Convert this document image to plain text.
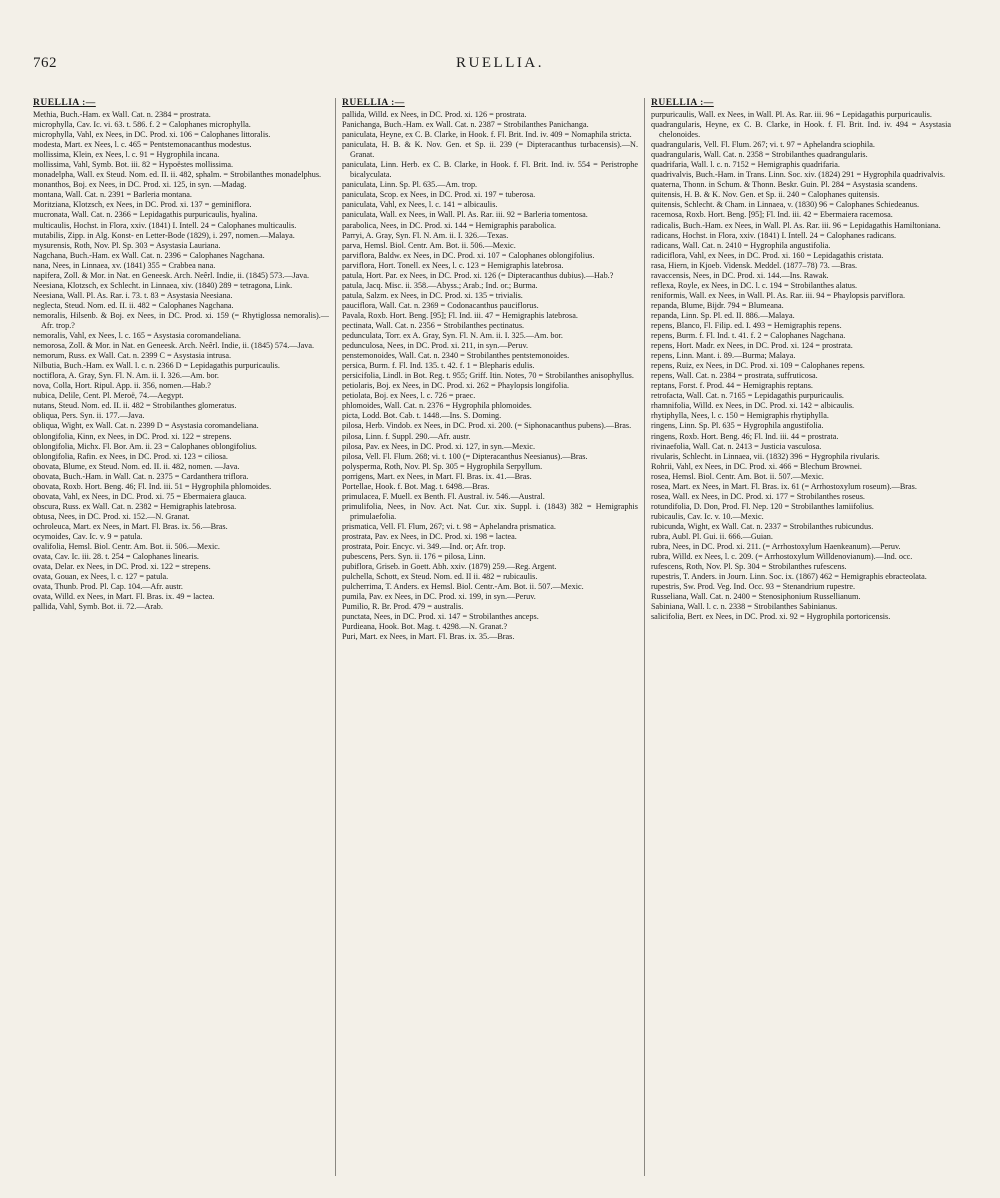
762	RUELLIA.
RUELLIA :—
Methia, Buch.-Ham. ex Wall. Cat. n. 2384 = prostrata.
microphylla, Cav. Ic. vi. 63. t. 586. f. 2 = Calophanes microphylla.
microphylla, Vahl, ex Nees, in DC. Prod. xi. 106 = Calophanes littoralis.
modesta, Mart. ex Nees, l. c. 465 = Pentstemonacanthus modestus.
mollissima, Klein, ex Nees, l. c. 91 = Hygrophila incana.
mollissima, Vahl, Symb. Bot. iii. 82 = Hypoëstes mollissima.
monadelpha, Wall. ex Steud. Nom. ed. II. ii. 482, sphalm. = Strobilanthes monadelphus.
monanthos, Boj. ex Nees, in DC. Prod. xi. 125, in syn. —Madag.
montana, Wall. Cat. n. 2391 = Barleria montana.
Moritziana, Klotzsch, ex Nees, in DC. Prod. xi. 137 = geminiflora.
mucronata, Wall. Cat. n. 2366 = Lepidagathis purpuricaulis, hyalina.
multicaulis, Hochst. in Flora, xxiv. (1841) I. Intell. 24 = Calophanes multicaulis.
mutabilis, Zipp. in Alg. Konst- en Letter-Bode (1829), i. 297, nomen.—Malaya.
mysurensis, Roth, Nov. Pl. Sp. 303 = Asystasia Lauriana.
Nagchana, Buch.-Ham. ex Wall. Cat. n. 2396 = Calophanes Nagchana.
nana, Nees, in Linnaea, xv. (1841) 355 = Crabbea nana.
napifera, Zoll. & Mor. in Nat. en Geneesk. Arch. Neêrl. Indie, ii. (1845) 573.—Java.
Neesiana, Klotzsch, ex Schlecht. in Linnaea, xiv. (1840) 289 = tetragona, Link.
Neesiana, Wall. Pl. As. Rar. i. 73. t. 83 = Asystasia Neesiana.
neglecta, Steud. Nom. ed. II. ii. 482 = Calophanes Nagchana.
nemoralis, Hilsenb. & Boj. ex Nees, in DC. Prod. xi. 159 (= Rhytiglossa nemoralis).—Afr. trop.?
nemoralis, Vahl, ex Nees, l. c. 165 = Asystasia coromandeliana.
nemorosa, Zoll. & Mor. in Nat. en Geneesk. Arch. Neêrl. Indie, ii. (1845) 574.—Java.
nemorum, Russ. ex Wall. Cat. n. 2399 C = Asystasia intrusa.
Nilbutia, Buch.-Ham. ex Wall. l. c. n. 2366 D = Lepidagathis purpuricaulis.
noctiflora, A. Gray, Syn. Fl. N. Am. ii. I. 326.—Am. bor.
nova, Colla, Hort. Ripul. App. ii. 356, nomen.—Hab.?
nubica, Delile, Cent. Pl. Meroë, 74.—Aegypt.
nutans, Steud. Nom. ed. II. ii. 482 = Strobilanthes glomeratus.
obliqua, Pers. Syn. ii. 177.—Java.
obliqua, Wight, ex Wall. Cat. n. 2399 D = Asystasia coromandeliana.
oblongifolia, Kinn, ex Nees, in DC. Prod. xi. 122 = strepens.
oblongifolia, Michx. Fl. Bor. Am. ii. 23 = Calophanes oblongifolius.
oblongifolia, Rafin. ex Nees, in DC. Prod. xi. 123 = ciliosa.
obovata, Blume, ex Steud. Nom. ed. II. ii. 482, nomen. —Java.
obovata, Buch.-Ham. in Wall. Cat. n. 2375 = Cardanthera triflora.
obovata, Roxb. Hort. Beng. 46; Fl. Ind. iii. 51 = Hygrophila phlomoides.
obovata, Vahl, ex Nees, in DC. Prod. xi. 75 = Ebermaiera glauca.
obscura, Russ. ex Wall. Cat. n. 2382 = Hemigraphis latebrosa.
obtusa, Nees, in DC. Prod. xi. 152.—N. Granat.
ochroleuca, Mart. ex Nees, in Mart. Fl. Bras. ix. 56.—Bras.
ocymoides, Cav. Ic. v. 9 = patula.
ovalifolia, Hemsl. Biol. Centr. Am. Bot. ii. 506.—Mexic.
ovata, Cav. Ic. iii. 28. t. 254 = Calophanes linearis.
ovata, Delar. ex Nees, in DC. Prod. xi. 122 = strepens.
ovata, Gouan, ex Nees, l. c. 127 = patula.
ovata, Thunb. Prod. Pl. Cap. 104.—Afr. austr.
ovata, Willd. ex Nees, in Mart. Fl. Bras. ix. 49 = lactea.
pallida, Vahl, Symb. Bot. ii. 72.—Arab.
RUELLIA :—
pallida, Willd. ex Nees, in DC. Prod. xi. 126 = prostrata.
Panichanga, Buch.-Ham. ex Wall. Cat. n. 2387 = Strobilanthes Panichanga.
paniculata, Heyne, ex C. B. Clarke, in Hook. f. Fl. Brit. Ind. iv. 409 = Nomaphila stricta.
paniculata, H. B. & K. Nov. Gen. et Sp. ii. 239 (= Dipteracanthus turbacensis).—N. Granat.
paniculata, Linn. Herb. ex C. B. Clarke, in Hook. f. Fl. Brit. Ind. iv. 554 = Peristrophe bicalyculata.
paniculata, Linn. Sp. Pl. 635.—Am. trop.
paniculata, Scop. ex Nees, in DC. Prod. xi. 197 = tuberosa.
paniculata, Vahl, ex Nees, l. c. 141 = albicaulis.
paniculata, Wall. ex Nees, in Wall. Pl. As. Rar. iii. 92 = Barleria tomentosa.
parabolica, Nees, in DC. Prod. xi. 144 = Hemigraphis parabolica.
Parryi, A. Gray, Syn. Fl. N. Am. ii. I. 326.—Texas.
parva, Hemsl. Biol. Centr. Am. Bot. ii. 506.—Mexic.
parviflora, Baldw. ex Nees, in DC. Prod. xi. 107 = Calophanes oblongifolius.
parviflora, Hort. Tonell. ex Nees, l. c. 123 = Hemigraphis latebrosa.
patula, Hort. Par. ex Nees, in DC. Prod. xi. 126 (= Dipteracanthus dubius).—Hab.?
patula, Jacq. Misc. ii. 358.—Abyss.; Arab.; Ind. or.; Burma.
patula, Salzm. ex Nees, in DC. Prod. xi. 135 = trivialis.
pauciflora, Wall. Cat. n. 2369 = Codonacanthus pauciflorus.
Pavala, Roxb. Hort. Beng. [95]; Fl. Ind. iii. 47 = Hemigraphis latebrosa.
pectinata, Wall. Cat. n. 2356 = Strobilanthes pectinatus.
pedunculata, Torr. ex A. Gray, Syn. Fl. N. Am. ii. I. 325.—Am. bor.
pedunculosa, Nees, in DC. Prod. xi. 211, in syn.—Peruv.
penstemonoides, Wall. Cat. n. 2340 = Strobilanthes pentstemonoides.
persica, Burm. f. Fl. Ind. 135. t. 42. f. 1 = Blepharis edulis.
persicifolia, Lindl. in Bot. Reg. t. 955; Griff. Itin. Notes, 70 = Strobilanthes anisophyllus.
petiolaris, Boj. ex Nees, in DC. Prod. xi. 262 = Phaylopsis longifolia.
petiolata, Boj. ex Nees, l. c. 726 = praec.
phlomoides, Wall. Cat. n. 2376 = Hygrophila phlomoides.
picta, Lodd. Bot. Cab. t. 1448.—Ins. S. Doming.
pilosa, Herb. Vindob. ex Nees, in DC. Prod. xi. 200. (= Siphonacanthus pubens).—Bras.
pilosa, Linn. f. Suppl. 290.—Afr. austr.
pilosa, Pav. ex Nees, in DC. Prod. xi. 127, in syn.—Mexic.
pilosa, Vell. Fl. Flum. 268; vi. t. 100 (= Dipteracanthus Neesianus).—Bras.
polysperma, Roth, Nov. Pl. Sp. 305 = Hygrophila Serpyllum.
porrigens, Mart. ex Nees, in Mart. Fl. Bras. ix. 41.—Bras.
Portellae, Hook. f. Bot. Mag. t. 6498.—Bras.
primulacea, F. Muell. ex Benth. Fl. Austral. iv. 546.—Austral.
primulifolia, Nees, in Nov. Act. Nat. Cur. xix. Suppl. i. (1843) 382 = Hemigraphis primulaefolia.
prismatica, Vell. Fl. Flum, 267; vi. t. 98 = Aphelandra prismatica.
prostrata, Pav. ex Nees, in DC. Prod. xi. 198 = lactea.
prostrata, Poir. Encyc. vi. 349.—Ind. or; Afr. trop.
pubescens, Pers. Syn. ii. 176 = pilosa, Linn.
pubiflora, Griseb. in Goett. Abh. xxiv. (1879) 259.—Reg. Argent.
pulchella, Schott, ex Steud. Nom. ed. II ii. 482 = rubicaulis.
pulcherrima, T. Anders. ex Hemsl. Biol. Centr.-Am. Bot. ii. 507.—Mexic.
pumila, Pav. ex Nees, in DC. Prod. xi. 199, in syn.—Peruv.
Pumilio, R. Br. Prod. 479 = australis.
punctata, Nees, in DC. Prod. xi. 147 = Strobilanthes anceps.
Purdieana, Hook. Bot. Mag. t. 4298.—N. Granat.?
Puri, Mart. ex Nees, in Mart. Fl. Bras. ix. 35.—Bras.
RUELLIA :—
purpuricaulis, Wall. ex Nees, in Wall. Pl. As. Rar. iii. 96 = Lepidagathis purpuricaulis.
quadrangularis, Heyne, ex C. B. Clarke, in Hook. f. Fl. Brit. Ind. iv. 494 = Asystasia chelonoides.
quadrangularis, Vell. Fl. Flum. 267; vi. t. 97 = Aphelandra sciophila.
quadrangularis, Wall. Cat. n. 2358 = Strobilanthes quadrangularis.
quadrifaria, Wall. l. c. n. 7152 = Hemigraphis quadrifaria.
quadrivalvis, Buch.-Ham. in Trans. Linn. Soc. xiv. (1824) 291 = Hygrophila quadrivalvis.
quaterna, Thonn. in Schum. & Thonn. Beskr. Guin. Pl. 284 = Asystasia scandens.
quitensis, H. B. & K. Nov. Gen. et Sp. ii. 240 = Calophanes quitensis.
quitensis, Schlecht. & Cham. in Linnaea, v. (1830) 96 = Calophanes Schiedeanus.
racemosa, Roxb. Hort. Beng. [95]; Fl. Ind. iii. 42 = Ebermaiera racemosa.
radicalis, Buch.-Ham. ex Nees, in Wall. Pl. As. Rar. iii. 96 = Lepidagathis Hamiltoniana.
radicans, Hochst. in Flora, xxiv. (1841) I. Intell. 24 = Calophanes radicans.
radicans, Wall. Cat. n. 2410 = Hygrophila angustifolia.
radiciflora, Vahl, ex Nees, in DC. Prod. xi. 160 = Lepidagathis cristata.
rasa, Hiern, in Kjoeb. Vidensk. Meddel. (1877–78) 73. —Bras.
ravaccensis, Nees, in DC. Prod. xi. 144.—Ins. Rawak.
reflexa, Royle, ex Nees, in DC. l. c. 194 = Strobilanthes alatus.
reniformis, Wall. ex Nees, in Wall. Pl. As. Rar. iii. 94 = Phaylopsis parviflora.
repanda, Blume, Bijdr. 794 = Blumeana.
repanda, Linn. Sp. Pl. ed. II. 886.—Malaya.
repens, Blanco, Fl. Filip. ed. I. 493 = Hemigraphis repens.
repens, Burm. f. Fl. Ind. t. 41. f. 2 = Calophanes Nagchana.
repens, Hort. Madr. ex Nees, in DC. Prod. xi. 124 = prostrata.
repens, Linn. Mant. i. 89.—Burma; Malaya.
repens, Ruiz, ex Nees, in DC. Prod. xi. 109 = Calophanes repens.
repens, Wall. Cat. n. 2384 = prostrata, suffruticosa.
reptans, Forst. f. Prod. 44 = Hemigraphis reptans.
retrofacta, Wall. Cat. n. 7165 = Lepidagathis purpuricaulis.
rhamnifolia, Willd. ex Nees, in DC. Prod. xi. 142 = albicaulis.
rhytiphylla, Nees, l. c. 150 = Hemigraphis rhytiphylla.
ringens, Linn. Sp. Pl. 635 = Hygrophila angustifolia.
ringens, Roxb. Hort. Beng. 46; Fl. Ind. iii. 44 = prostrata.
rivinaefolia, Wall. Cat. n. 2413 = Justicia vasculosa.
rivularis, Schlecht. in Linnaea, vii. (1832) 396 = Hygrophila rivularis.
Rohrii, Vahl, ex Nees, in DC. Prod. xi. 466 = Blechum Brownei.
rosea, Hemsl. Biol. Centr. Am. Bot. ii. 507.—Mexic.
rosea, Mart. ex Nees, in Mart. Fl. Bras. ix. 61 (= Arrhostoxylum roseum).—Bras.
rosea, Wall. ex Nees, in DC. Prod. xi. 177 = Strobilanthes roseus.
rotundifolia, D. Don, Prod. Fl. Nep. 120 = Strobilanthes lamiifolius.
rubicaulis, Cav. Ic. v. 10.—Mexic.
rubicunda, Wight, ex Wall. Cat. n. 2337 = Strobilanthes rubicundus.
rubra, Aubl. Pl. Gui. ii. 666.—Guian.
rubra, Nees, in DC. Prod. xi. 211. (= Arrhostoxylum Haenkeanum).—Peruv.
rubra, Willd. ex Nees, l. c. 209. (= Arrhostoxylum Willdenovianum).—Ind. occ.
rufescens, Roth, Nov. Pl. Sp. 304 = Strobilanthes rufescens.
rupestris, T. Anders. in Journ. Linn. Soc. ix. (1867) 462 = Hemigraphis ebracteolata.
rupestris, Sw. Prod. Veg. Ind. Occ. 93 = Stenandrium rupestre.
Russeliana, Wall. Cat. n. 2400 = Stenosiphonium Russellianum.
Sabiniana, Wall. l. c. n. 2338 = Strobilanthes Sabinianus.
salicifolia, Bert. ex Nees, in DC. Prod. xi. 92 = Hygrophila portoricensis.
